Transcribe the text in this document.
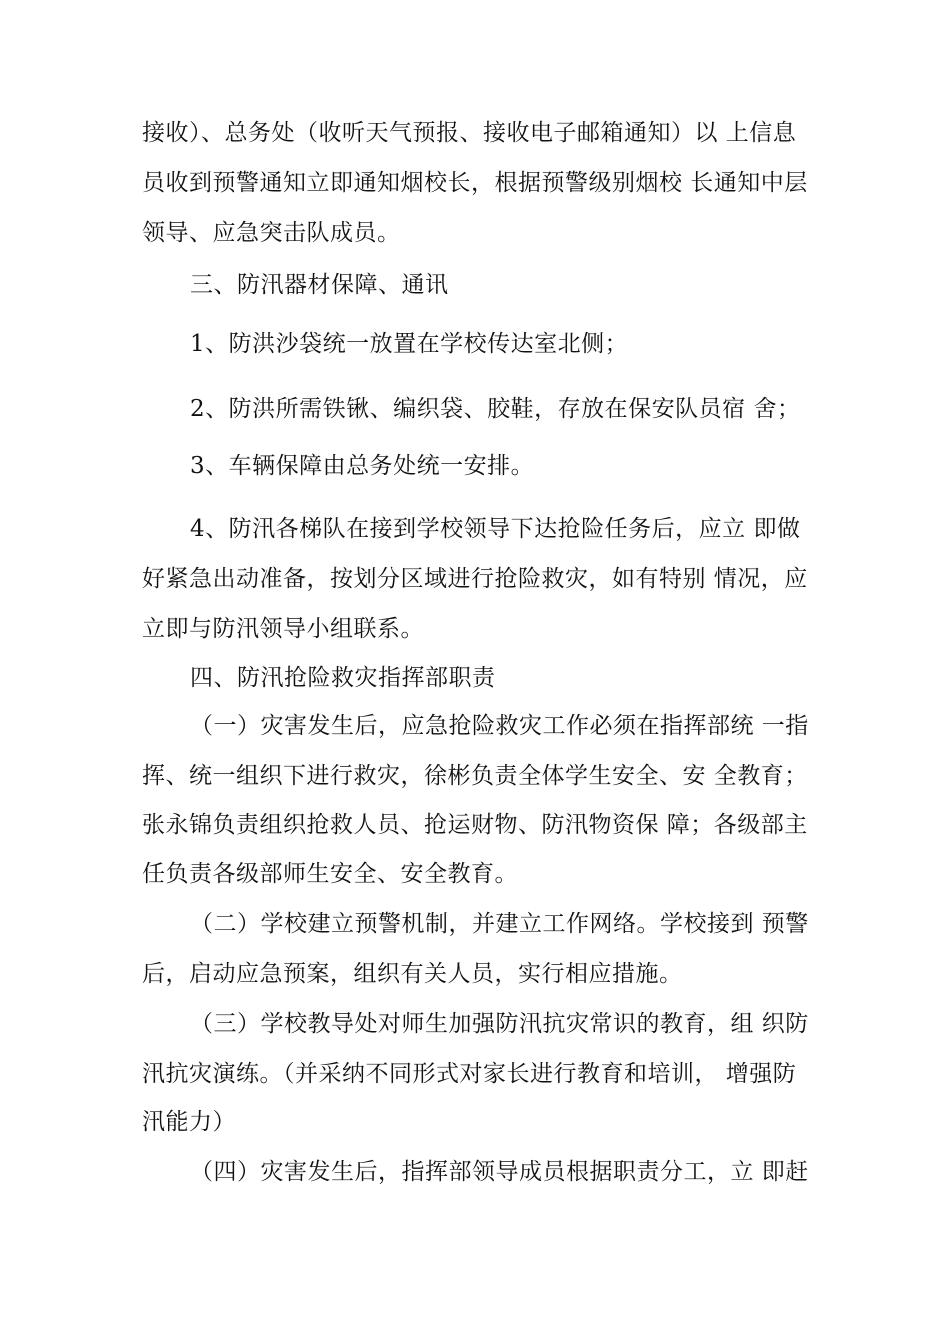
接收）、总务处（收听天气预报、接收电子邮箱通知）以 上信息
员收到预警通知立即通知烟校长，根据预警级别烟校 长通知中层
领导、应急突击队成员。
三、防汛器材保障、通讯
1、防洪沙袋统一放置在学校传达室北侧；
2、防洪所需铁锹、编织袋、胶鞋，存放在保安队员宿 舍；
3、车辆保障由总务处统一安排。
4、防汛各梯队在接到学校领导下达抢险任务后，应立 即做
好紧急出动准备，按划分区域进行抢险救灾，如有特别 情况，应
立即与防汛领导小组联系。
四、防汛抢险救灾指挥部职责
（一）灾害发生后，应急抢险救灾工作必须在指挥部统 一指
挥、统一组织下进行救灾，徐彬负责全体学生安全、安 全教育；
张永锦负责组织抢救人员、抢运财物、防汛物资保 障；各级部主
任负责各级部师生安全、安全教育。
（二）学校建立预警机制，并建立工作网络。学校接到 预警
后，启动应急预案，组织有关人员，实行相应措施。
（三）学校教导处对师生加强防汛抗灾常识的教育，组 织防
汛抗灾演练。（并采纳不同形式对家长进行教育和培训， 增强防
汛能力）
（四）灾害发生后，指挥部领导成员根据职责分工，立 即赶
